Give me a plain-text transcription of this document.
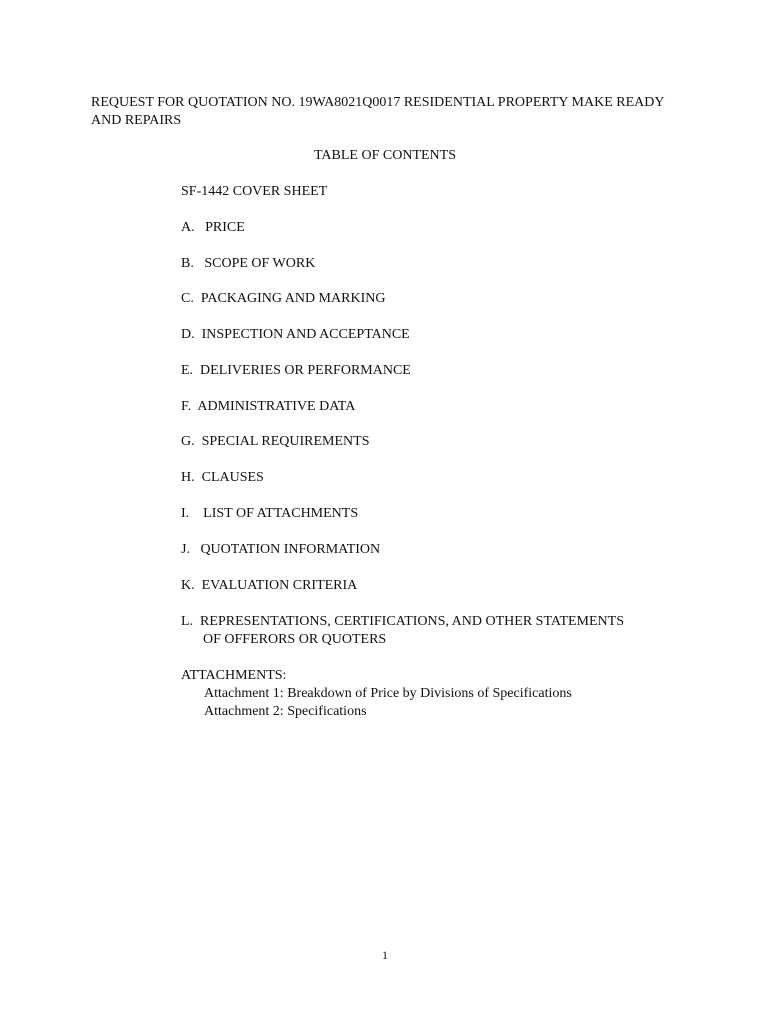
REQUEST FOR QUOTATION NO. 19WA8021Q0017 RESIDENTIAL PROPERTY MAKE READY AND REPAIRS
TABLE OF CONTENTS
SF-1442 COVER SHEET
A.   PRICE
B.   SCOPE OF WORK
C.  PACKAGING AND MARKING
D.  INSPECTION AND ACCEPTANCE
E.  DELIVERIES OR PERFORMANCE
F.  ADMINISTRATIVE DATA
G.  SPECIAL REQUIREMENTS
H.  CLAUSES
I.    LIST OF ATTACHMENTS
J.   QUOTATION INFORMATION
K.  EVALUATION CRITERIA
L.  REPRESENTATIONS, CERTIFICATIONS, AND OTHER STATEMENTS
OF OFFERORS OR QUOTERS
ATTACHMENTS:
Attachment 1: Breakdown of Price by Divisions of Specifications
Attachment 2: Specifications
1
